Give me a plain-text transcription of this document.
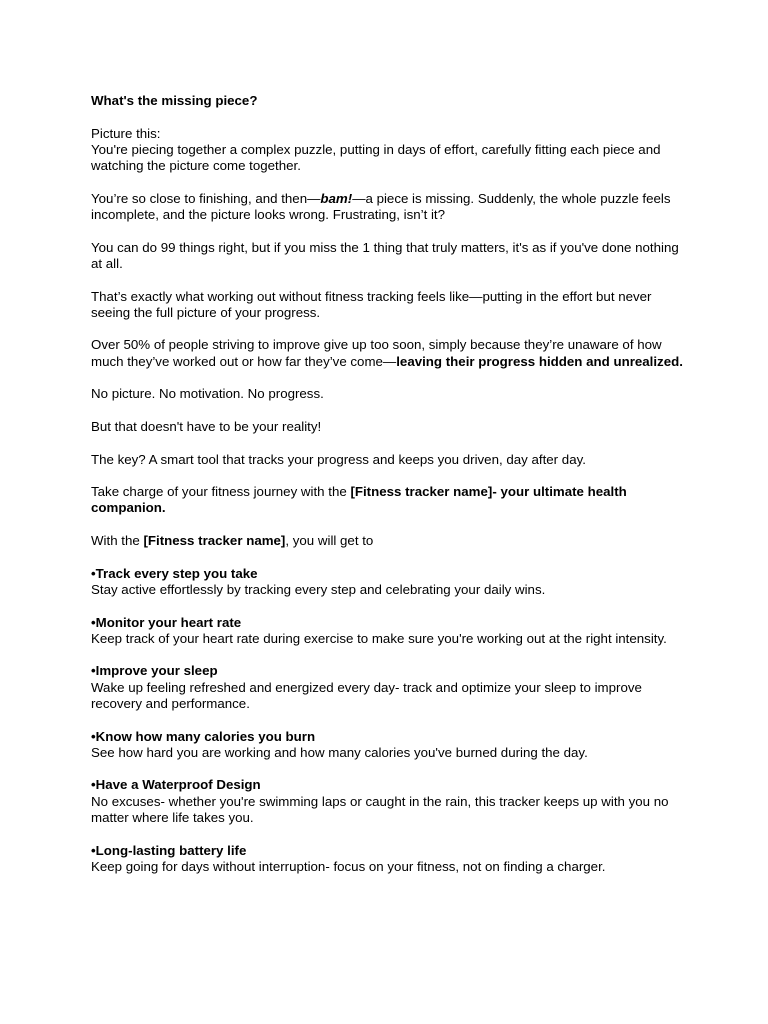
What's the missing piece?

Picture this:
You're piecing together a complex puzzle, putting in days of effort, carefully fitting each piece and watching the picture come together.

You’re so close to finishing, and then—bam!—a piece is missing. Suddenly, the whole puzzle feels incomplete, and the picture looks wrong. Frustrating, isn’t it?

You can do 99 things right, but if you miss the 1 thing that truly matters, it's as if you've done nothing at all.

That’s exactly what working out without fitness tracking feels like—putting in the effort but never seeing the full picture of your progress.

Over 50% of people striving to improve give up too soon, simply because they’re unaware of how much they’ve worked out or how far they’ve come—leaving their progress hidden and unrealized.

No picture. No motivation. No progress.

But that doesn't have to be your reality!

The key? A smart tool that tracks your progress and keeps you driven, day after day.

Take charge of your fitness journey with the [Fitness tracker name]- your ultimate health companion.

With the [Fitness tracker name], you will get to

•Track every step you take
Stay active effortlessly by tracking every step and celebrating your daily wins.
•Monitor your heart rate
Keep track of your heart rate during exercise to make sure you're working out at the right intensity.
•Improve your sleep
Wake up feeling refreshed and energized every day- track and optimize your sleep to improve recovery and performance.
•Know how many calories you burn
See how hard you are working and how many calories you've burned during the day.
•Have a Waterproof Design
No excuses- whether you're swimming laps or caught in the rain, this tracker keeps up with you no matter where life takes you.
•Long-lasting battery life
Keep going for days without interruption- focus on your fitness, not on finding a charger.
